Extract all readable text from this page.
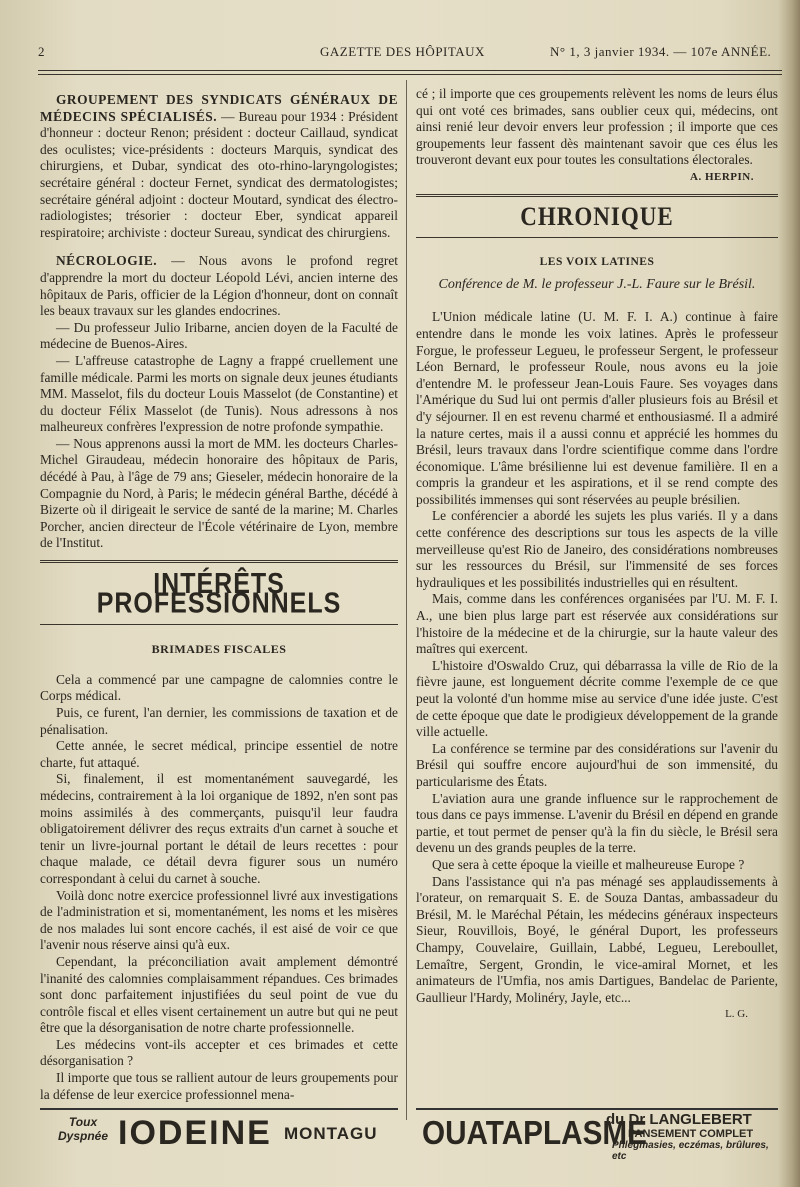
2	GAZETTE DES HÔPITAUX	N° 1, 3 janvier 1934. — 107e ANNÉE.

GROUPEMENT DES SYNDICATS GÉNÉRAUX DE MÉDECINS SPÉCIALISÉS. — Bureau pour 1934 : Président d'honneur : docteur Renon; président : docteur Caillaud, syndicat des oculistes; vice-présidents : docteurs Marquis, syndicat des chirurgiens, et Dubar, syndicat des oto-rhino-laryngologistes; secrétaire général : docteur Fernet, syndicat des dermatologistes; secrétaire général adjoint : docteur Moutard, syndicat des électro-radiologistes; trésorier : docteur Eber, syndicat appareil respiratoire; archiviste : docteur Sureau, syndicat des chirurgiens.

NÉCROLOGIE. — Nous avons le profond regret d'apprendre la mort du docteur Léopold Lévi, ancien interne des hôpitaux de Paris, officier de la Légion d'honneur, dont on connaît les beaux travaux sur les glandes endocrines.

— Du professeur Julio Iribarne, ancien doyen de la Faculté de médecine de Buenos-Aires.

— L'affreuse catastrophe de Lagny a frappé cruellement une famille médicale. Parmi les morts on signale deux jeunes étudiants MM. Masselot, fils du docteur Louis Masselot (de Constantine) et du docteur Félix Masselot (de Tunis). Nous adressons à nos malheureux confrères l'expression de notre profonde sympathie.

— Nous apprenons aussi la mort de MM. les docteurs Charles-Michel Giraudeau, médecin honoraire des hôpitaux de Paris, décédé à Pau, à l'âge de 79 ans; Gieseler, médecin honoraire de la Compagnie du Nord, à Paris; le médecin général Barthe, décédé à Bizerte où il dirigeait le service de santé de la marine; M. Charles Porcher, ancien directeur de l'École vétérinaire de Lyon, membre de l'Institut.

INTÉRÊTS PROFESSIONNELS

BRIMADES FISCALES

Cela a commencé par une campagne de calomnies contre le Corps médical.

Puis, ce furent, l'an dernier, les commissions de taxation et de pénalisation.

Cette année, le secret médical, principe essentiel de notre charte, fut attaqué.

Si, finalement, il est momentanément sauvegardé, les médecins, contrairement à la loi organique de 1892, n'en sont pas moins assimilés à des commerçants, puisqu'il leur faudra obligatoirement délivrer des reçus extraits d'un carnet à souche et tenir un livre-journal portant le détail de leurs recettes : pour chaque malade, ce détail devra figurer sous un numéro correspondant à celui du carnet à souche.

Voilà donc notre exercice professionnel livré aux investigations de l'administration et si, momentanément, les noms et les misères de nos malades lui sont encore cachés, il est aisé de voir ce que l'avenir nous réserve ainsi qu'à eux.

Cependant, la préconciliation avait amplement démontré l'inanité des calomnies complaisamment répandues. Ces brimades sont donc parfaitement injustifiées du seul point de vue du contrôle fiscal et elles visent certainement un autre but qui ne peut être que la désorganisation de notre charte professionnelle.

Les médecins vont-ils accepter et ces brimades et cette désorganisation ?

Il importe que tous se rallient autour de leurs groupements pour la défense de leur exercice professionnel mena-

cé ; il importe que ces groupements relèvent les noms de leurs élus qui ont voté ces brimades, sans oublier ceux qui, médecins, ont ainsi renié leur devoir envers leur profession ; il importe que ces groupements leur fassent dès maintenant savoir que ces élus les trouveront devant eux pour toutes les consultations électorales.

A. HERPIN.

CHRONIQUE

LES VOIX LATINES

Conférence de M. le professeur J.-L. Faure sur le Brésil.

L'Union médicale latine (U. M. F. I. A.) continue à faire entendre dans le monde les voix latines. Après le professeur Forgue, le professeur Legueu, le professeur Sergent, le professeur Léon Bernard, le professeur Roule, nous avons eu la joie d'entendre M. le professeur Jean-Louis Faure. Ses voyages dans l'Amérique du Sud lui ont permis d'aller plusieurs fois au Brésil et d'y séjourner. Il en est revenu charmé et enthousiasmé. Il a admiré la nature certes, mais il a aussi connu et apprécié les hommes du Brésil, leurs travaux dans l'ordre scientifique comme dans l'ordre économique. L'âme brésilienne lui est devenue familière. Il en a compris la grandeur et les aspirations, et il se rend compte des possibilités immenses qui sont réservées au peuple brésilien.

Le conférencier a abordé les sujets les plus variés. Il y a dans cette conférence des descriptions sur tous les aspects de la ville merveilleuse qu'est Rio de Janeiro, des considérations nombreuses sur les ressources du Brésil, sur l'immensité de ses forces hydrauliques et les possibilités industrielles qui en résultent.

Mais, comme dans les conférences organisées par l'U. M. F. I. A., une bien plus large part est réservée aux considérations sur l'histoire de la médecine et de la chirurgie, sur la haute valeur des maîtres qui exercent.

L'histoire d'Oswaldo Cruz, qui débarrassa la ville de Rio de la fièvre jaune, est longuement décrite comme l'exemple de ce que peut la volonté d'un homme mise au service d'une idée juste. C'est de cette époque que date le prodigieux développement de la grande ville actuelle.

La conférence se termine par des considérations sur l'avenir du Brésil qui souffre encore aujourd'hui de son immensité, du particularisme des États.

L'aviation aura une grande influence sur le rapprochement de tous dans ce pays immense. L'avenir du Brésil en dépend en grande partie, et tout permet de penser qu'à la fin du siècle, le Brésil sera devenu un des grands peuples de la terre.

Que sera à cette époque la vieille et malheureuse Europe ?

Dans l'assistance qui n'a pas ménagé ses applaudissements à l'orateur, on remarquait S. E. de Souza Dantas, ambassadeur du Brésil, M. le Maréchal Pétain, les médecins généraux inspecteurs Sieur, Rouvillois, Boyé, le général Duport, les professeurs Champy, Couvelaire, Guillain, Labbé, Legueu, Lereboullet, Lemaître, Sergent, Grondin, le vice-amiral Mornet, et les animateurs de l'Umfia, nos amis Dartigues, Bandelac de Pariente, Gaullieur l'Hardy, Molinéry, Jayle, etc...

L. G.

Toux
Dyspnée IODEINE MONTAGU OUATAPLASME
du Dr LANGLEBERT
PANSEMENT COMPLET
Phlegmasies, eczémas, brûlures, etc
